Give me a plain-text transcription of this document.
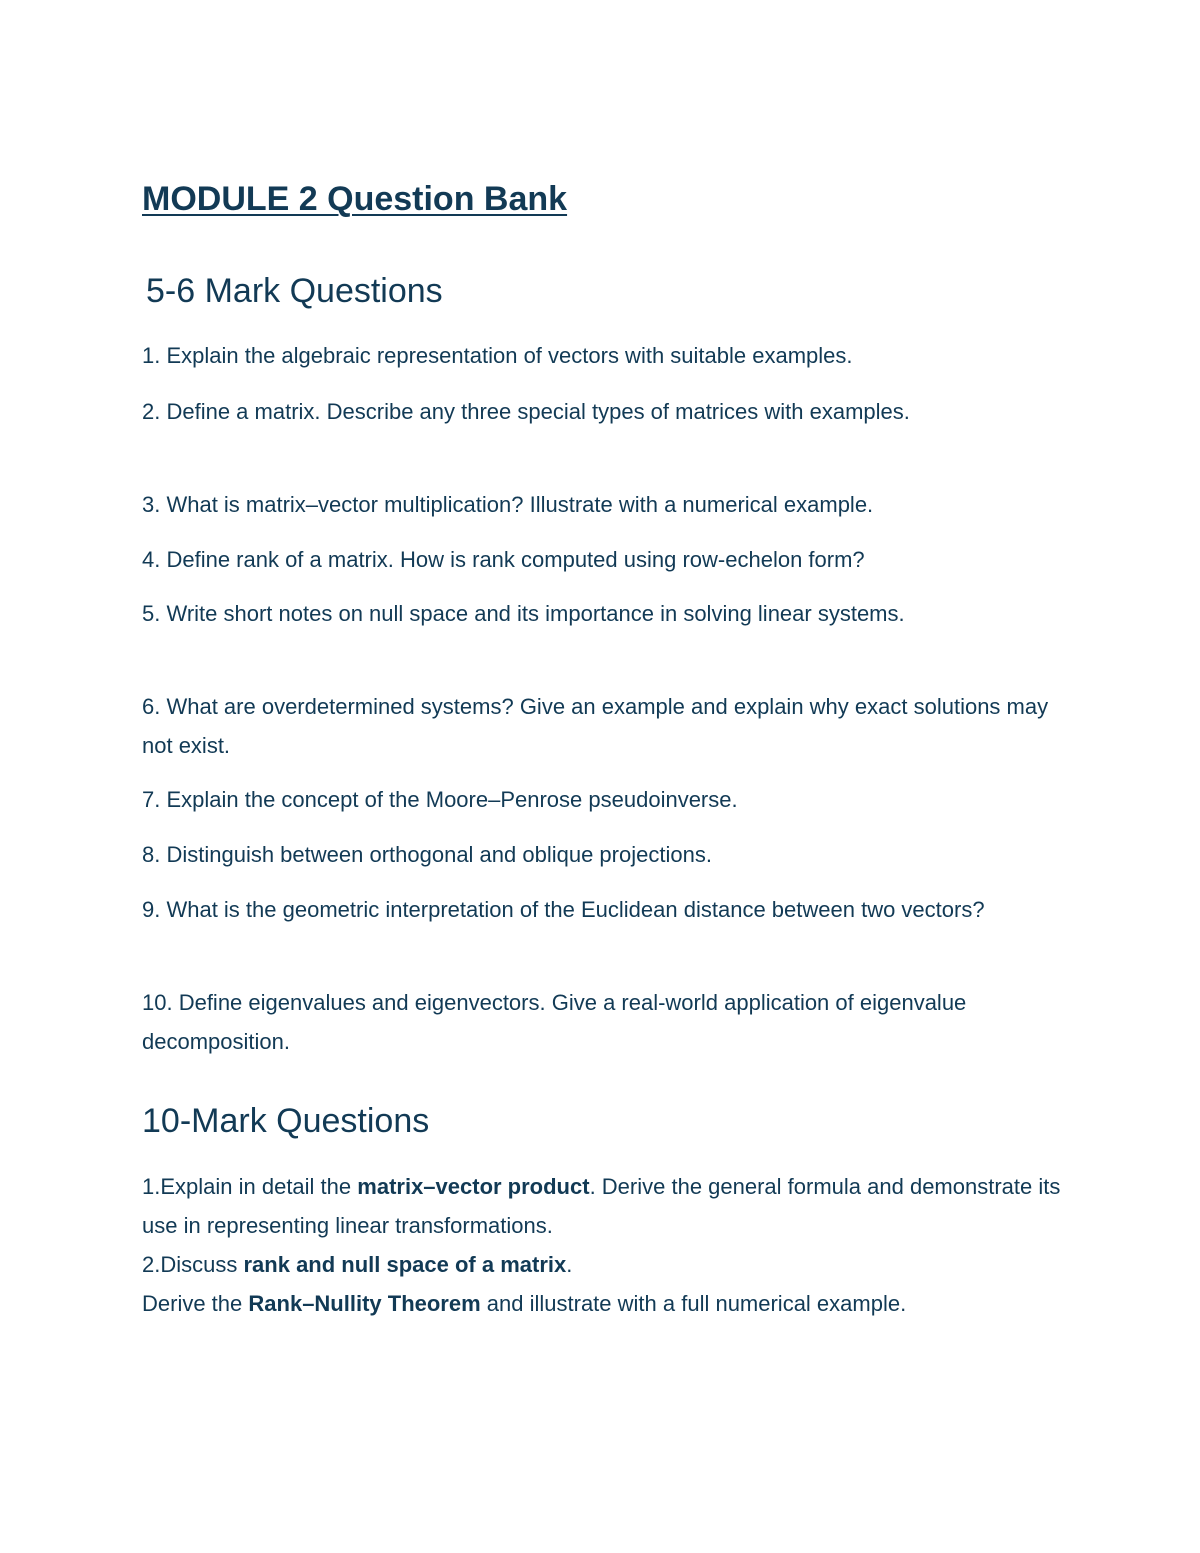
MODULE 2 Question Bank
5-6 Mark Questions

1. Explain the algebraic representation of vectors with suitable examples.

2. Define a matrix. Describe any three special types of matrices with examples.

3. What is matrix–vector multiplication? Illustrate with a numerical example.

4. Define rank of a matrix. How is rank computed using row-echelon form?

5. Write short notes on null space and its importance in solving linear systems.

6. What are overdetermined systems? Give an example and explain why exact solutions may not exist.

7. Explain the concept of the Moore–Penrose pseudoinverse.

8. Distinguish between orthogonal and oblique projections.

9. What is the geometric interpretation of the Euclidean distance between two vectors?

10. Define eigenvalues and eigenvectors. Give a real-world application of eigenvalue decomposition.

10-Mark Questions

1.Explain in detail the matrix–vector product. Derive the general formula and demonstrate its use in representing linear transformations.

2.Discuss rank and null space of a matrix.

Derive the Rank–Nullity Theorem and illustrate with a full numerical example.
